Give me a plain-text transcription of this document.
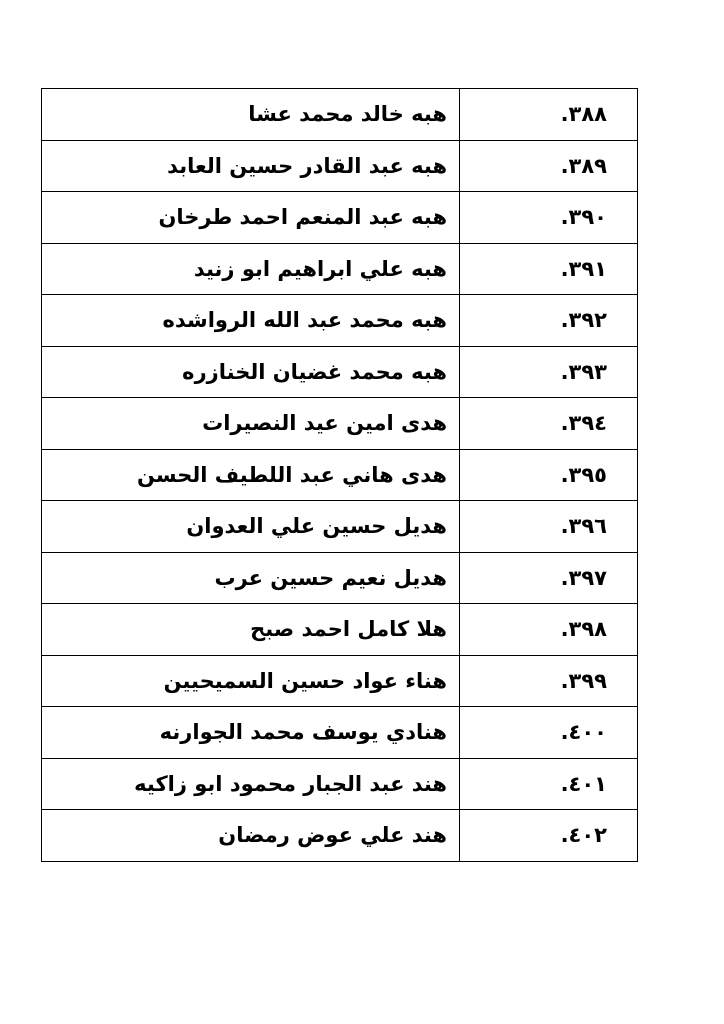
هبه خالد محمد عشا	.٣٨٨
هبه عبد القادر حسين العابد	.٣٨٩
هبه عبد المنعم احمد طرخان	.٣٩٠
هبه علي ابراهيم ابو زنيد	.٣٩١
هبه محمد عبد الله الرواشده	.٣٩٢
هبه محمد غضيان الخنازره	.٣٩٣
هدى امين عيد النصيرات	.٣٩٤
هدى هاني عبد اللطيف الحسن	.٣٩٥
هديل حسين علي العدوان	.٣٩٦
هديل نعيم حسين عرب	.٣٩٧
هلا كامل احمد صبح	.٣٩٨
هناء عواد حسين السميحيين	.٣٩٩
هنادي يوسف محمد الجوارنه	.٤٠٠
هند عبد الجبار محمود ابو زاكيه	.٤٠١
هند علي عوض رمضان	.٤٠٢
